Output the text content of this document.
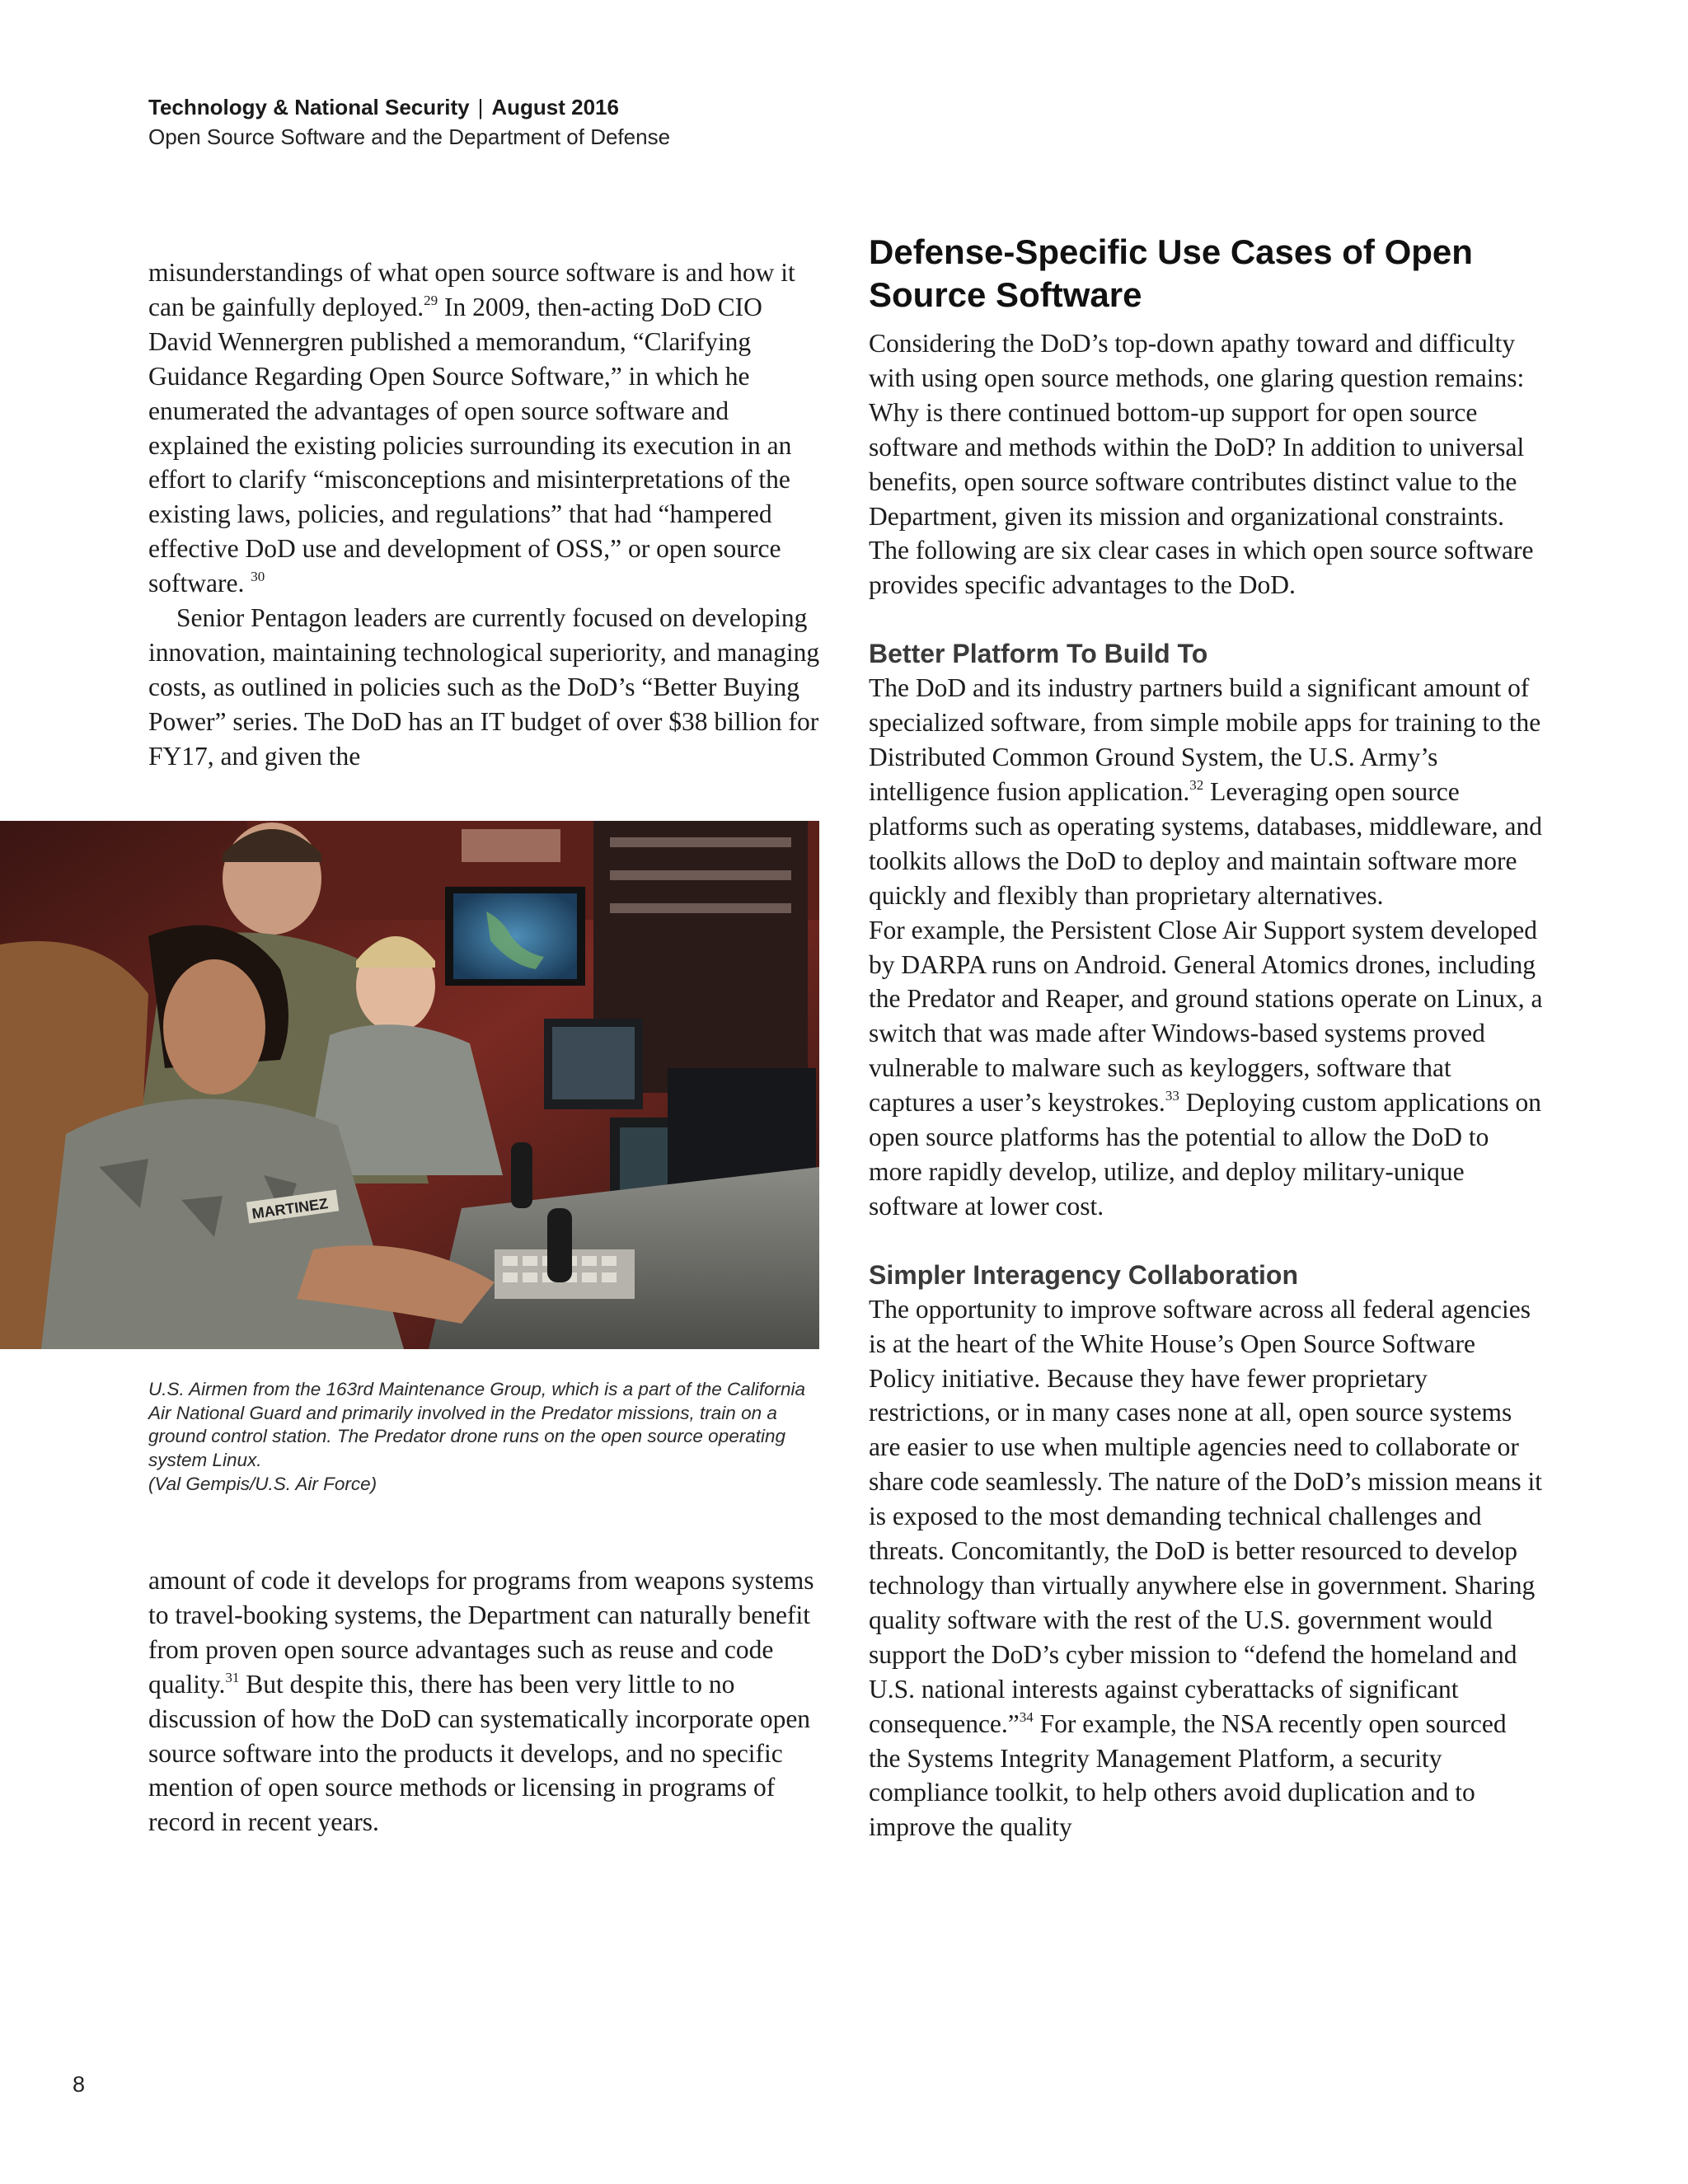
Technology & National Security | August 2016
Open Source Software and the Department of Defense

misunderstandings of what open source software is and how it can be gainfully deployed.$^{29}$ In 2009, then-acting DoD CIO David Wennergren published a memorandum, “Clarifying Guidance Regarding Open Source Software,” in which he enumerated the advantages of open source software and explained the existing policies surrounding its execution in an effort to clarify “misconceptions and misinterpretations of the existing laws, policies, and regulations” that had “hampered effective DoD use and development of OSS,” or open source software. $^{30}$

Senior Pentagon leaders are currently focused on developing innovation, maintaining technological superiority, and managing costs, as outlined in policies such as the DoD’s “Better Buying Power” series. The DoD has an IT budget of over $38 billion for FY17, and given the

MARTINEZ

U.S. Airmen from the 163rd Maintenance Group, which is a part of the California Air National Guard and primarily involved in the Predator missions, train on a ground control station. The Predator drone runs on the open source operating system Linux.

(Val Gempis/U.S. Air Force)

amount of code it develops for programs from weapons systems to travel-booking systems, the Department can naturally benefit from proven open source advantages such as reuse and code quality.$^{31}$ But despite this, there has been very little to no discussion of how the DoD can systematically incorporate open source software into the products it develops, and no specific mention of open source methods or licensing in programs of record in recent years.

Defense-Specific Use Cases of Open Source Software

Considering the DoD’s top-down apathy toward and difficulty with using open source methods, one glaring question remains: Why is there continued bottom-up support for open source software and methods within the DoD? In addition to universal benefits, open source software contributes distinct value to the Department, given its mission and organizational constraints. The following are six clear cases in which open source software provides specific advantages to the DoD.

Better Platform To Build To

The DoD and its industry partners build a significant amount of specialized software, from simple mobile apps for training to the Distributed Common Ground System, the U.S. Army’s intelligence fusion application.$^{32}$ Leveraging open source platforms such as operating systems, databases, middleware, and toolkits allows the DoD to deploy and maintain software more quickly and flexibly than proprietary alternatives.

For example, the Persistent Close Air Support system developed by DARPA runs on Android. General Atomics drones, including the Predator and Reaper, and ground stations operate on Linux, a switch that was made after Windows-based systems proved vulnerable to malware such as keyloggers, software that captures a user’s keystrokes.$^{33}$ Deploying custom applications on open source platforms has the potential to allow the DoD to more rapidly develop, utilize, and deploy military-unique software at lower cost.

Simpler Interagency Collaboration

The opportunity to improve software across all federal agencies is at the heart of the White House’s Open Source Software Policy initiative. Because they have fewer proprietary restrictions, or in many cases none at all, open source systems are easier to use when multiple agencies need to collaborate or share code seamlessly. The nature of the DoD’s mission means it is exposed to the most demanding technical challenges and threats. Concomitantly, the DoD is better resourced to develop technology than virtually anywhere else in government. Sharing quality software with the rest of the U.S. government would support the DoD’s cyber mission to “defend the homeland and U.S. national interests against cyberattacks of significant consequence.”$^{34}$ For example, the NSA recently open sourced the Systems Integrity Management Platform, a security compliance toolkit, to help others avoid duplication and to improve the quality

8
